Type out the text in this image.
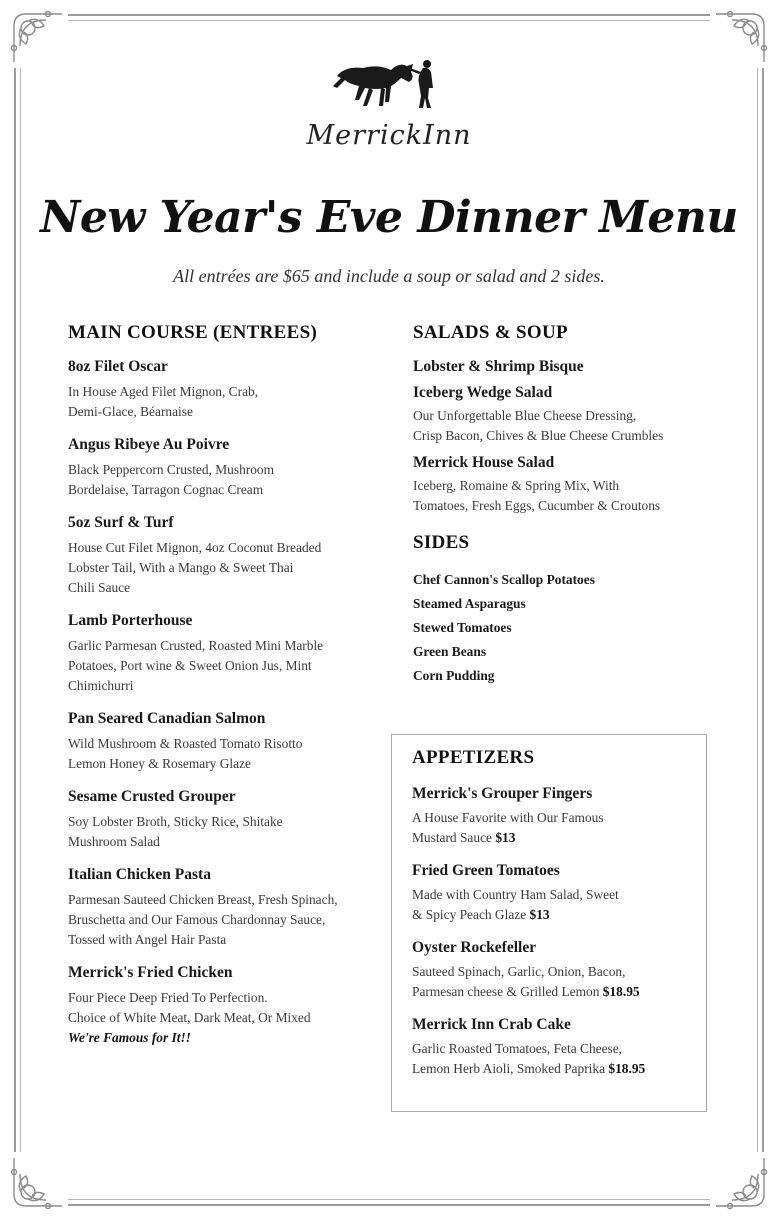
MerrickInn
New Year's Eve Dinner Menu
All entrées are $65 and include a soup or salad and 2 sides.
MAIN COURSE (ENTREES)
8oz Filet Oscar
In House Aged Filet Mignon, Crab,
Demi-Glace, Béarnaise
Angus Ribeye Au Poivre
Black Peppercorn Crusted, Mushroom
Bordelaise, Tarragon Cognac Cream
5oz Surf & Turf
House Cut Filet Mignon, 4oz Coconut Breaded
Lobster Tail, With a Mango & Sweet Thai
Chili Sauce
Lamb Porterhouse
Garlic Parmesan Crusted, Roasted Mini Marble
Potatoes, Port wine & Sweet Onion Jus, Mint
Chimichurri
Pan Seared Canadian Salmon
Wild Mushroom & Roasted Tomato Risotto
Lemon Honey & Rosemary Glaze
Sesame Crusted Grouper
Soy Lobster Broth, Sticky Rice, Shitake
Mushroom Salad
Italian Chicken Pasta
Parmesan Sauteed Chicken Breast, Fresh Spinach,
Bruschetta and Our Famous Chardonnay Sauce,
Tossed with Angel Hair Pasta
Merrick's Fried Chicken
Four Piece Deep Fried To Perfection.
Choice of White Meat, Dark Meat, Or Mixed
We're Famous for It!!
SALADS & SOUP
Lobster & Shrimp Bisque
Iceberg Wedge Salad
Our Unforgettable Blue Cheese Dressing,
Crisp Bacon, Chives & Blue Cheese Crumbles
Merrick House Salad
Iceberg, Romaine & Spring Mix, With
Tomatoes, Fresh Eggs, Cucumber & Croutons
SIDES
Chef Cannon's Scallop Potatoes
Steamed Asparagus
Stewed Tomatoes
Green Beans
Corn Pudding
APPETIZERS
Merrick's Grouper Fingers
A House Favorite with Our Famous
Mustard Sauce $13
Fried Green Tomatoes
Made with Country Ham Salad, Sweet
& Spicy Peach Glaze $13
Oyster Rockefeller
Sauteed Spinach, Garlic, Onion, Bacon,
Parmesan cheese & Grilled Lemon $18.95
Merrick Inn Crab Cake
Garlic Roasted Tomatoes, Feta Cheese,
Lemon Herb Aioli, Smoked Paprika $18.95
